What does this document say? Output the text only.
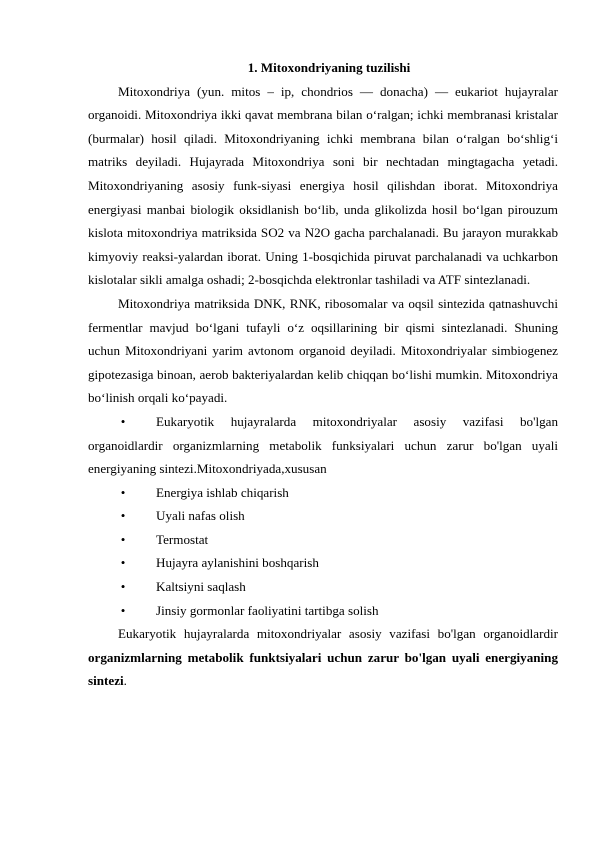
1. Mitoxondriyaning tuzilishi

Mitoxondriya (yun. mitos – ip, chondrios — donacha) — eukariot hujayralar organoidi. Mitoxondriya ikki qavat membrana bilan o‘ralgan; ichki membranasi kristalar (burmalar) hosil qiladi. Mitoxondriyaning ichki membrana bilan o‘ralgan bo‘shlig‘i matriks deyiladi. Hujayrada Mitoxondriya soni bir nechtadan mingtagacha yetadi. Mitoxondriyaning asosiy funk-siyasi energiya hosil qilishdan iborat. Mitoxondriya energiyasi manbai biologik oksidlanish bo‘lib, unda glikolizda hosil bo‘lgan pirouzum kislota mitoxondriya matriksida SO2 va N2O gacha parchalanadi. Bu jarayon murakkab kimyoviy reaksi-yalardan iborat. Uning 1-bosqichida piruvat parchalanadi va uchkarbon kislotalar sikli amalga oshadi; 2-bosqichda elektronlar tashiladi va ATF sintezlanadi.

Mitoxondriya matriksida DNK, RNK, ribosomalar va oqsil sintezida qatnashuvchi fermentlar mavjud bo‘lgani tufayli o‘z oqsillarining bir qismi sintezlanadi. Shuning uchun Mitoxondriyani yarim avtonom organoid deyiladi. Mitoxondriyalar simbiogenez gipotezasiga binoan, aerob bakteriyalardan kelib chiqqan bo‘lishi mumkin. Mitoxondriya bo‘linish orqali ko‘payadi.

• Eukaryotik hujayralarda mitoxondriyalar asosiy vazifasi bo'lgan organoidlardir organizmlarning metabolik funksiyalari uchun zarur bo'lgan uyali energiyaning sintezi.Mitoxondriyada,xususan
• Energiya ishlab chiqarish
• Uyali nafas olish
• Termostat
• Hujayra aylanishini boshqarish
• Kaltsiyni saqlash
• Jinsiy gormonlar faoliyatini tartibga solish

Eukaryotik hujayralarda mitoxondriyalar asosiy vazifasi bo'lgan organoidlardir organizmlarning metabolik funktsiyalari uchun zarur bo'lgan uyali energiyaning sintezi.
